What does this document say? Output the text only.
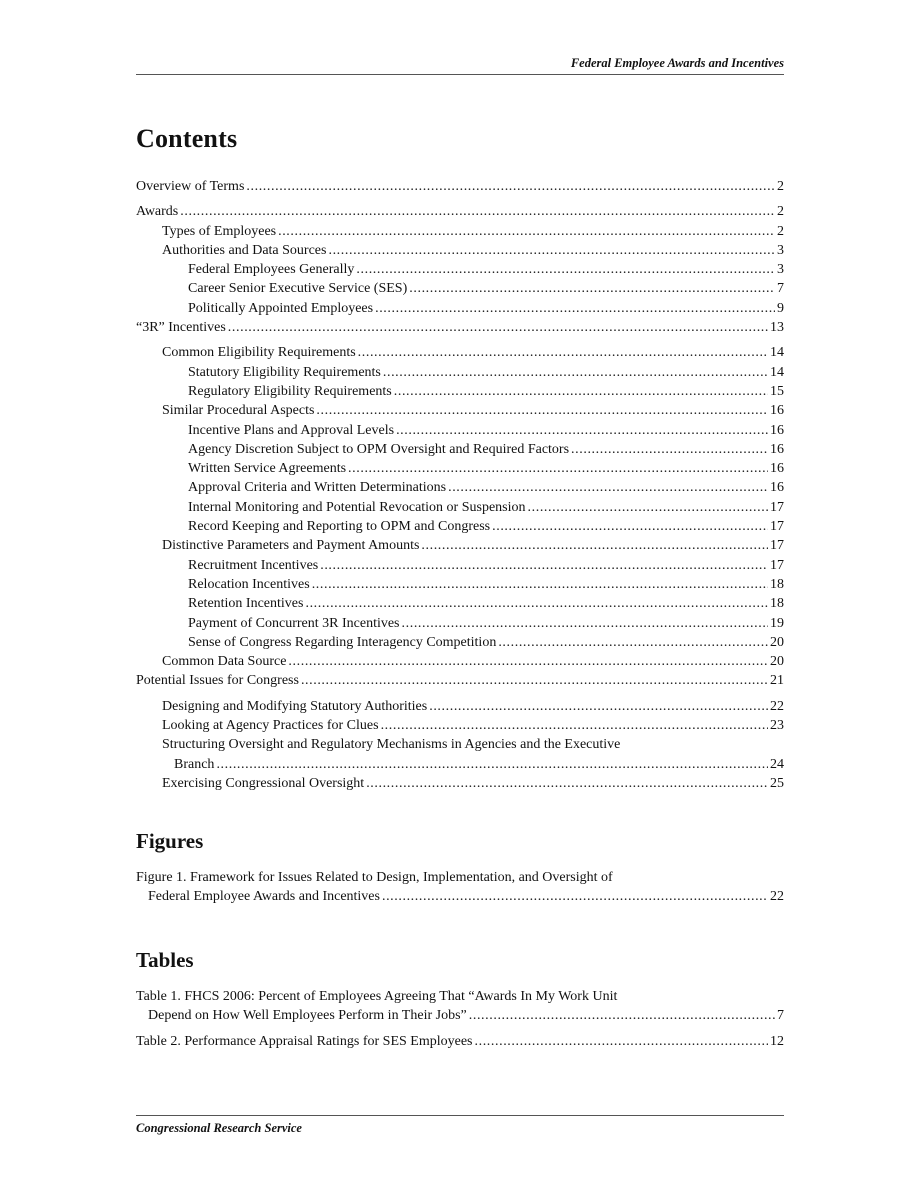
Federal Employee Awards and Incentives
Contents
Overview of Terms .....	2
Awards .....	2
Types of Employees .....	2
Authorities and Data Sources .....	3
Federal Employees Generally .....	3
Career Senior Executive Service (SES) .....	7
Politically Appointed Employees .....	9
“3R” Incentives .....	13
Common Eligibility Requirements .....	14
Statutory Eligibility Requirements .....	14
Regulatory Eligibility Requirements .....	15
Similar Procedural Aspects .....	16
Incentive Plans and Approval Levels .....	16
Agency Discretion Subject to OPM Oversight and Required Factors .....	16
Written Service Agreements .....	16
Approval Criteria and Written Determinations .....	16
Internal Monitoring and Potential Revocation or Suspension .....	17
Record Keeping and Reporting to OPM and Congress .....	17
Distinctive Parameters and Payment Amounts .....	17
Recruitment Incentives .....	17
Relocation Incentives .....	18
Retention Incentives .....	18
Payment of Concurrent 3R Incentives .....	19
Sense of Congress Regarding Interagency Competition .....	20
Common Data Source .....	20
Potential Issues for Congress .....	21
Designing and Modifying Statutory Authorities .....	22
Looking at Agency Practices for Clues .....	23
Structuring Oversight and Regulatory Mechanisms in Agencies and the Executive
Branch .....	24
Exercising Congressional Oversight .....	25
Figures
Figure 1. Framework for Issues Related to Design, Implementation, and Oversight of
Federal Employee Awards and Incentives .....	22
Tables
Table 1. FHCS 2006: Percent of Employees Agreeing That “Awards In My Work Unit
Depend on How Well Employees Perform in Their Jobs” .....	7
Table 2. Performance Appraisal Ratings for SES Employees .....	12
Congressional Research Service
